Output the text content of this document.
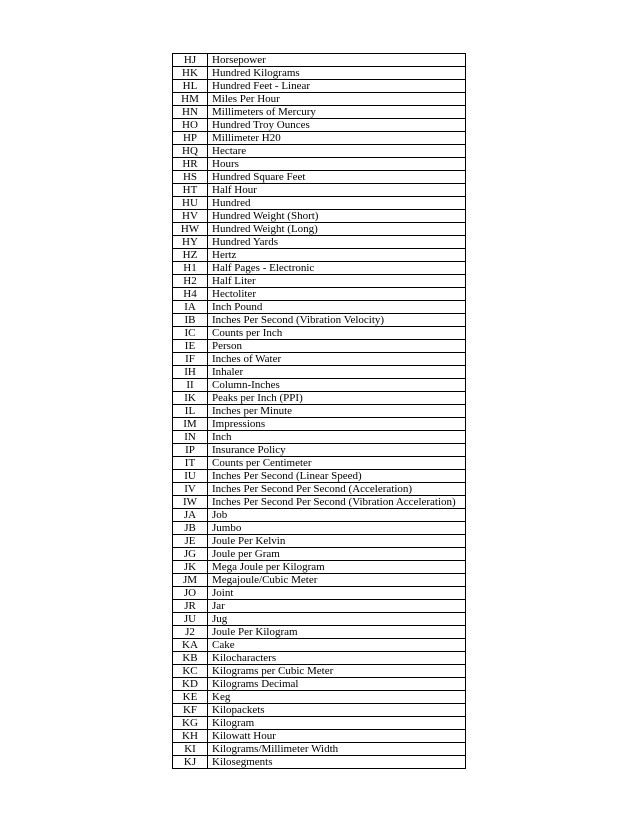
HJ	Horsepower
HK	Hundred Kilograms
HL	Hundred Feet - Linear
HM	Miles Per Hour
HN	Millimeters of Mercury
HO	Hundred Troy Ounces
HP	Millimeter H20
HQ	Hectare
HR	Hours
HS	Hundred Square Feet
HT	Half Hour
HU	Hundred
HV	Hundred Weight (Short)
HW	Hundred Weight (Long)
HY	Hundred Yards
HZ	Hertz
H1	Half Pages - Electronic
H2	Half Liter
H4	Hectoliter
IA	Inch Pound
IB	Inches Per Second (Vibration Velocity)
IC	Counts per Inch
IE	Person
IF	Inches of Water
IH	Inhaler
II	Column-Inches
IK	Peaks per Inch (PPI)
IL	Inches per Minute
IM	Impressions
IN	Inch
IP	Insurance Policy
IT	Counts per Centimeter
IU	Inches Per Second (Linear Speed)
IV	Inches Per Second Per Second (Acceleration)
IW	Inches Per Second Per Second (Vibration Acceleration)
JA	Job
JB	Jumbo
JE	Joule Per Kelvin
JG	Joule per Gram
JK	Mega Joule per Kilogram
JM	Megajoule/Cubic Meter
JO	Joint
JR	Jar
JU	Jug
J2	Joule Per Kilogram
KA	Cake
KB	Kilocharacters
KC	Kilograms per Cubic Meter
KD	Kilograms Decimal
KE	Keg
KF	Kilopackets
KG	Kilogram
KH	Kilowatt Hour
KI	Kilograms/Millimeter Width
KJ	Kilosegments
